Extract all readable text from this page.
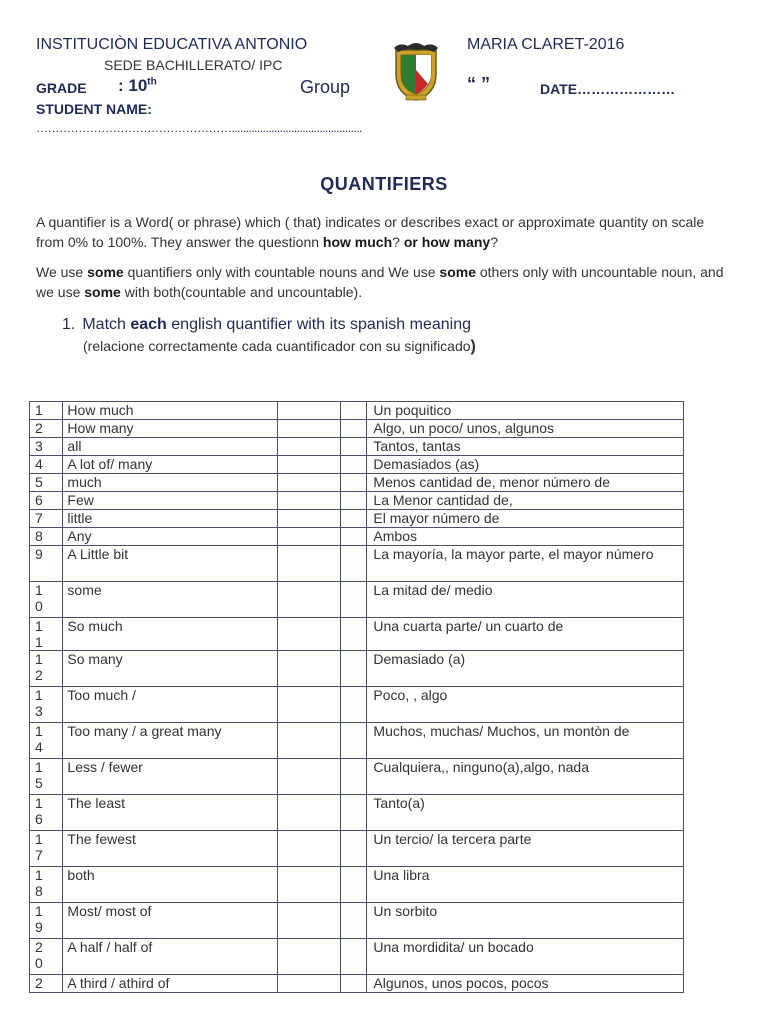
INSTITUCIÒN EDUCATIVA ANTONIO	MARIA CLARET-2016
SEDE BACHILLERATO/ IPC
GRADE : 10th	Group	“ ”	DATE…………………
STUDENT NAME:
……………………………………………..............................................
QUANTIFIERS
A quantifier is a Word( or phrase) which ( that) indicates or describes exact or approximate quantity on scale from 0% to 100%. They answer the questionn how much? or how many?
We use some quantifiers only with countable nouns and We use some others only with uncountable noun, and we use some with both(countable and uncountable).
1. Match each english quantifier with its spanish meaning
(relacione correctamente cada cuantificador con su significado)
1	How much			Un poquitico

2	How many			Algo, un poco/ unos, algunos

3	all			Tantos, tantas

4	A lot of/ many			Demasiados (as)

5	much			Menos cantidad de, menor número de

6	Few			La Menor cantidad de,

7	little			El mayor número de

8	Any			Ambos

9	A Little bit			La mayoría, la mayor parte, el mayor número

10	some			La mitad de/ medio

11	So much			Una cuarta parte/ un cuarto de

12	So many			Demasiado (a)

13	Too much /			Poco, , algo

14	Too many / a great many			Muchos, muchas/ Muchos, un montòn de

15	Less / fewer			Cualquiera,, ninguno(a),algo, nada

16	The least			Tanto(a)

17	The fewest			Un tercio/ la tercera parte

18	both			Una libra

19	Most/ most of			Un sorbito

20	A half / half of			Una mordidita/ un bocado

2	A third / athird of			Algunos, unos pocos, pocos
